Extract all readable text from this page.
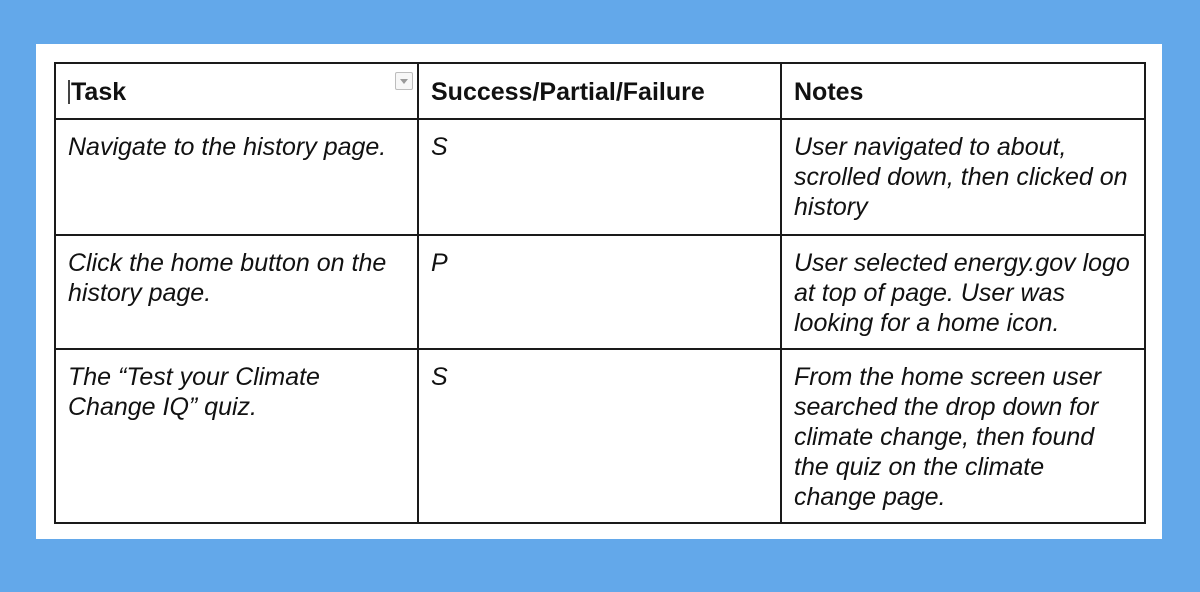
Task	Success/Partial/Failure	Notes
Navigate to the history page.	S	User navigated to about, scrolled down, then clicked on history
Click the home button on the history page.	P	User selected energy.gov logo at top of page. User was looking for a home icon.
The “Test your Climate Change IQ” quiz.	S	From the home screen user searched the drop down for climate change, then found the quiz on the climate change page.
